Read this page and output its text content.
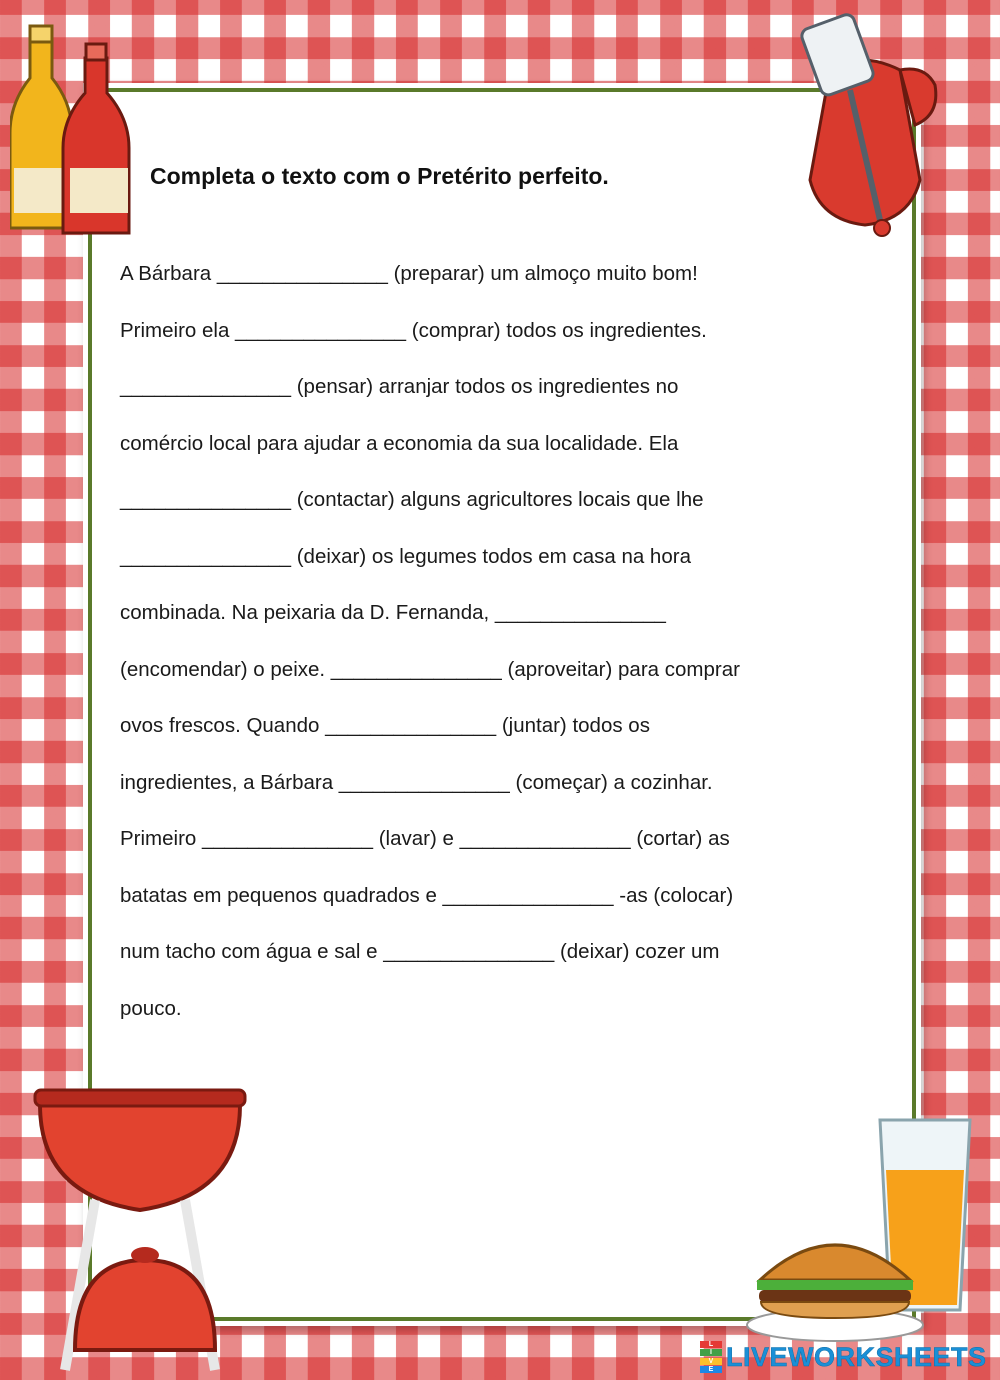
Completa o texto com o Pretérito perfeito.
A Bárbara _______________ (preparar) um almoço muito bom!
Primeiro ela _______________ (comprar) todos os ingredientes.
_______________ (pensar) arranjar todos os ingredientes no
comércio local para ajudar a economia da sua localidade. Ela
_______________ (contactar) alguns agricultores locais que lhe
_______________ (deixar) os legumes todos em casa na hora
combinada. Na peixaria da D. Fernanda, _______________
(encomendar) o peixe. _______________ (aproveitar) para comprar
ovos frescos. Quando _______________ (juntar) todos os
ingredientes, a Bárbara _______________ (começar) a cozinhar.
Primeiro _______________ (lavar) e _______________ (cortar) as
batatas em pequenos quadrados e _______________ -as (colocar)
num tacho com água e sal e _______________ (deixar) cozer um
pouco.
L
I
V
E LIVEWORKSHEETS
